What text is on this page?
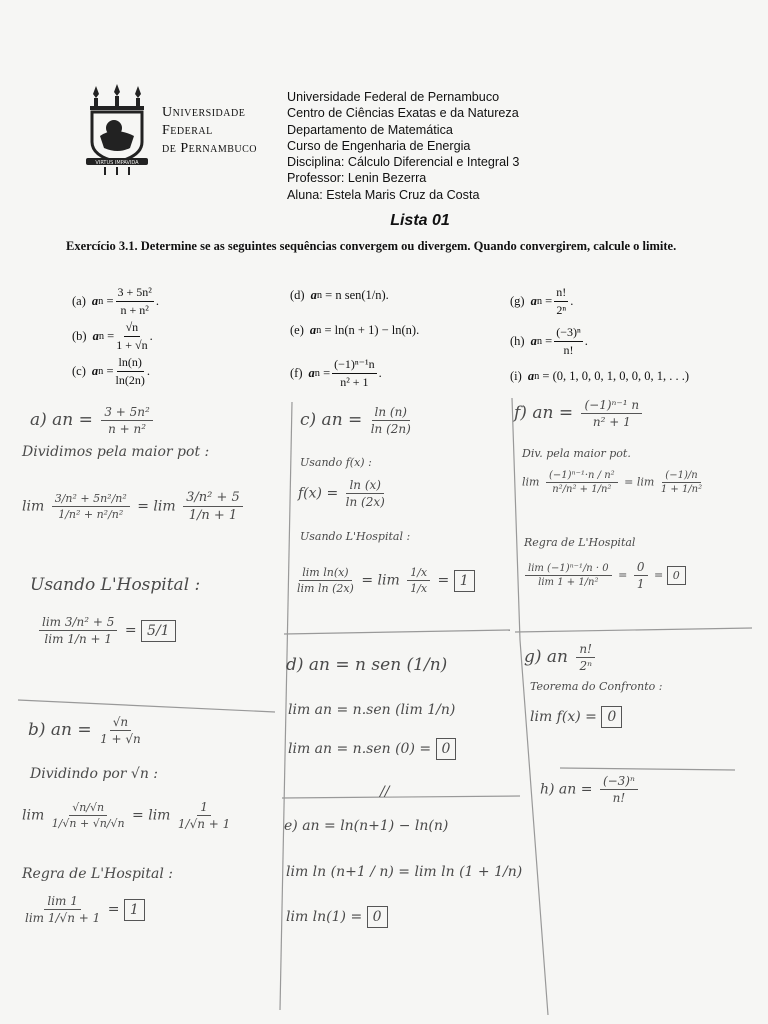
VIRTUS IMPAVIDA
Universidade
Federal
de Pernambuco
Universidade Federal de Pernambuco
Centro de Ciências Exatas e da Natureza
Departamento de Matemática
Curso de Engenharia de Energia
Disciplina: Cálculo Diferencial e Integral 3
Professor: Lenin Bezerra
Aluna: Estela Maris Cruz da Costa
Lista 01
Exercício 3.1. Determine se as seguintes sequências convergem ou divergem. Quando convergirem, calcule o limite.
(a) a $n = \frac{\text{3 + 5n²}}{\text{n + n²}}$ .
(b) a $n = \frac{√n}{1 + √n}$ .
(c) a $n = \frac{\ln(n)}{\ln(2n)}$ .
(d) a n
= n sen(1/n).
(e) a n
= ln(n + 1) − ln(n).
(f) a $n = \frac{\text{(−1)ⁿ⁻¹n}}{\text{n² + 1}}$ .
(g) a $n = \frac{n!}{\text{2ⁿ}}$ .
(h) a $n = \frac{\text{(−3)ⁿ}}{n!}$ .
(i) a n
= (0, 1, 0, 0, 1, 0, 0, 0, 1, . . .)
a) an = $\frac{\text{3 + 5n²}}{\text{n + n²}}$
Dividimos pela maior pot :
$\lim \frac{\text{3/n² + 5n²/n²}}{\text{1/n² + n²/n²}} = \lim \frac{\text{3/n² + 5}}{1/n + 1}$
Usando L'Hospital :
$\frac{\text{lim 3/n² + 5}}{\lim 1/n + 1} = 5/1$
b) an = $\frac{√n}{1 + √n}$
Dividindo por √n :
$\lim \frac{√n/√n}{1/√n + √n/√n} = \lim \frac{1}{1/√n + 1}$
Regra de L'Hospital :
$\frac{\lim 1}{\lim 1/√n + 1} = 1$
c) an = $\frac{\ln (n)}{\ln (2n)}$
Usando f(x) :
$f(x) = \frac{\ln (x)}{\ln (2x)}$
Usando L'Hospital :
$\frac{\text{lim ln(x)}}{\text{lim ln (2x)}} = \lim \frac{1/x}{1/x} = 1$
d) an = n sen (1/n)
lim an = n.sen (lim 1/n)
lim an = n.sen (0) = 0
//
e) an = ln(n+1) − ln(n)
lim ln (n+1 / n) = lim ln (1 + 1/n)
lim ln(1) = 0
f) an = $\frac{\text{(−1)ⁿ⁻¹ n}}{\text{n² + 1}}$
Div. pela maior pot.
$\lim \frac{\text{(−1)ⁿ⁻¹·n / n²}}{\text{n²/n² + 1/n²}} = \lim \frac{(-1)/n}{\text{1 + 1/n²}}$
Regra de L'Hospital
$\frac{\text{lim (−1)ⁿ⁻¹/n · 0}}{\text{lim 1 + 1/n²}} = \frac{0}{1} = 0$
g) an $\frac{n!}{\text{2ⁿ}}$
Teorema do Confronto :
lim f(x) = 0
h) an = $\frac{\text{(−3)ⁿ}}{n!}$
